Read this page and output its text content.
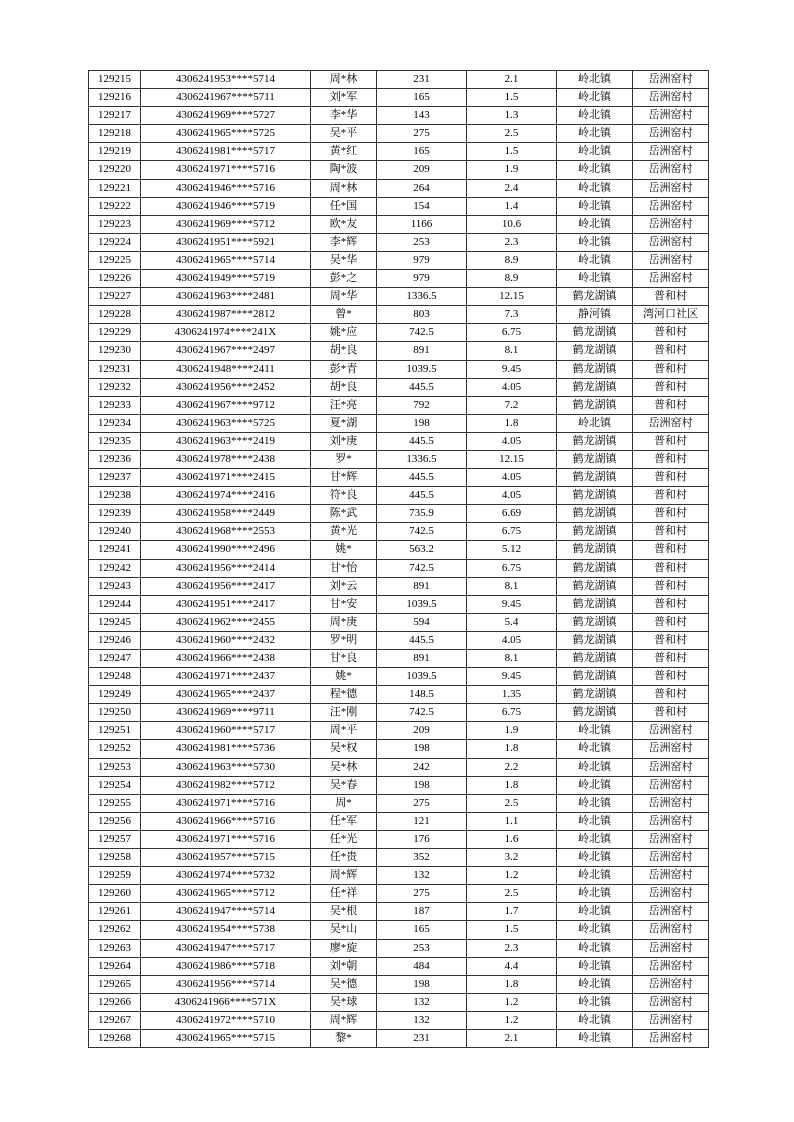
129215	4306241953****5714	周*林	231	2.1	岭北镇	岳洲窑村
129216	4306241967****5711	刘*军	165	1.5	岭北镇	岳洲窑村
129217	4306241969****5727	李*华	143	1.3	岭北镇	岳洲窑村
129218	4306241965****5725	吴*平	275	2.5	岭北镇	岳洲窑村
129219	4306241981****5717	黄*红	165	1.5	岭北镇	岳洲窑村
129220	4306241971****5716	陶*波	209	1.9	岭北镇	岳洲窑村
129221	4306241946****5716	周*林	264	2.4	岭北镇	岳洲窑村
129222	4306241946****5719	任*国	154	1.4	岭北镇	岳洲窑村
129223	4306241969****5712	欧*友	1166	10.6	岭北镇	岳洲窑村
129224	4306241951****5921	李*辉	253	2.3	岭北镇	岳洲窑村
129225	4306241965****5714	吴*华	979	8.9	岭北镇	岳洲窑村
129226	4306241949****5719	彭*之	979	8.9	岭北镇	岳洲窑村
129227	4306241963****2481	周*华	1336.5	12.15	鹤龙湖镇	普和村
129228	4306241987****2812	曾*	803	7.3	静河镇	湾河口社区
129229	4306241974****241X	姚*应	742.5	6.75	鹤龙湖镇	普和村
129230	4306241967****2497	胡*良	891	8.1	鹤龙湖镇	普和村
129231	4306241948****2411	彭*青	1039.5	9.45	鹤龙湖镇	普和村
129232	4306241956****2452	胡*良	445.5	4.05	鹤龙湖镇	普和村
129233	4306241967****9712	汪*亮	792	7.2	鹤龙湖镇	普和村
129234	4306241963****5725	夏*湖	198	1.8	岭北镇	岳洲窑村
129235	4306241963****2419	刘*庚	445.5	4.05	鹤龙湖镇	普和村
129236	4306241978****2438	罗*	1336.5	12.15	鹤龙湖镇	普和村
129237	4306241971****2415	甘*辉	445.5	4.05	鹤龙湖镇	普和村
129238	4306241974****2416	符*良	445.5	4.05	鹤龙湖镇	普和村
129239	4306241958****2449	陈*武	735.9	6.69	鹤龙湖镇	普和村
129240	4306241968****2553	黄*光	742.5	6.75	鹤龙湖镇	普和村
129241	4306241990****2496	姚*	563.2	5.12	鹤龙湖镇	普和村
129242	4306241956****2414	甘*怡	742.5	6.75	鹤龙湖镇	普和村
129243	4306241956****2417	刘*云	891	8.1	鹤龙湖镇	普和村
129244	4306241951****2417	甘*安	1039.5	9.45	鹤龙湖镇	普和村
129245	4306241962****2455	周*庚	594	5.4	鹤龙湖镇	普和村
129246	4306241960****2432	罗*明	445.5	4.05	鹤龙湖镇	普和村
129247	4306241966****2438	甘*良	891	8.1	鹤龙湖镇	普和村
129248	4306241971****2437	姚*	1039.5	9.45	鹤龙湖镇	普和村
129249	4306241965****2437	程*德	148.5	1.35	鹤龙湖镇	普和村
129250	4306241969****9711	汪*刚	742.5	6.75	鹤龙湖镇	普和村
129251	4306241960****5717	周*平	209	1.9	岭北镇	岳洲窑村
129252	4306241981****5736	吴*权	198	1.8	岭北镇	岳洲窑村
129253	4306241963****5730	吴*林	242	2.2	岭北镇	岳洲窑村
129254	4306241982****5712	吴*春	198	1.8	岭北镇	岳洲窑村
129255	4306241971****5716	周*	275	2.5	岭北镇	岳洲窑村
129256	4306241966****5716	任*军	121	1.1	岭北镇	岳洲窑村
129257	4306241971****5716	任*光	176	1.6	岭北镇	岳洲窑村
129258	4306241957****5715	任*贵	352	3.2	岭北镇	岳洲窑村
129259	4306241974****5732	周*辉	132	1.2	岭北镇	岳洲窑村
129260	4306241965****5712	任*祥	275	2.5	岭北镇	岳洲窑村
129261	4306241947****5714	吴*根	187	1.7	岭北镇	岳洲窑村
129262	4306241954****5738	吴*山	165	1.5	岭北镇	岳洲窑村
129263	4306241947****5717	廖*旋	253	2.3	岭北镇	岳洲窑村
129264	4306241986****5718	刘*朝	484	4.4	岭北镇	岳洲窑村
129265	4306241956****5714	吴*德	198	1.8	岭北镇	岳洲窑村
129266	4306241966****571X	吴*球	132	1.2	岭北镇	岳洲窑村
129267	4306241972****5710	周*辉	132	1.2	岭北镇	岳洲窑村
129268	4306241965****5715	黎*	231	2.1	岭北镇	岳洲窑村
